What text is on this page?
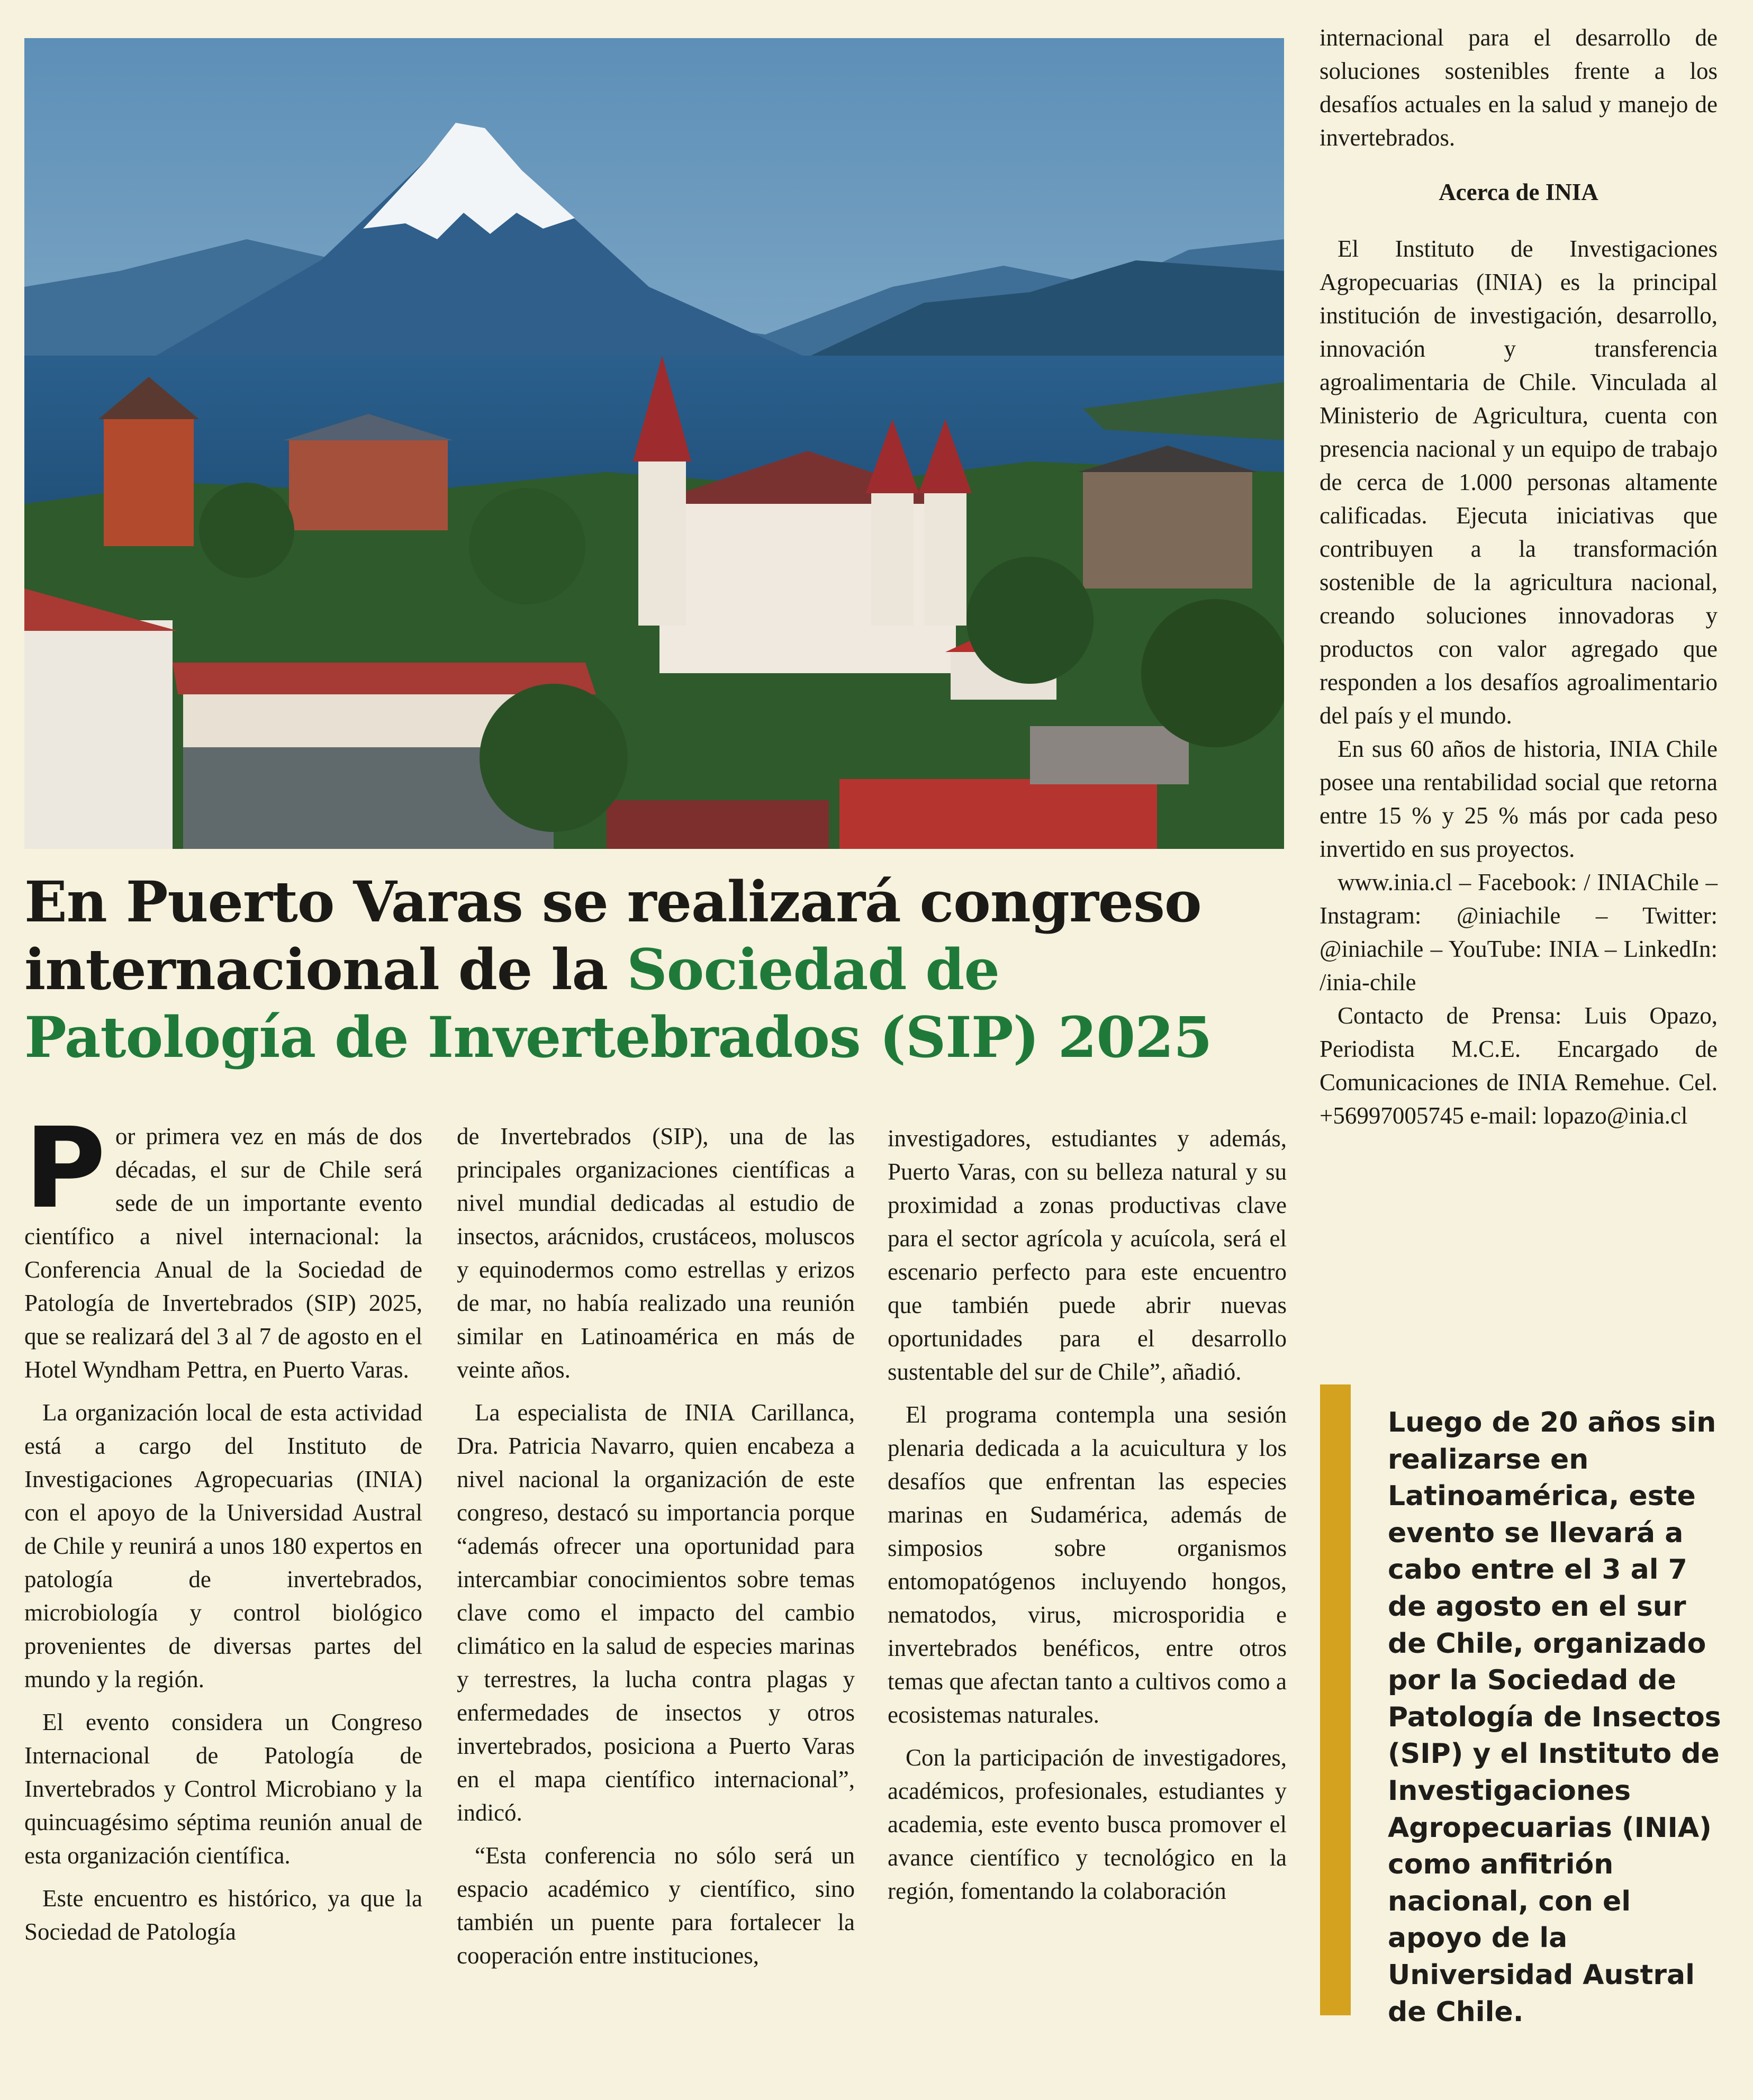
En Puerto Varas se realizará congreso internacional de la Sociedad de Patología de Invertebrados (SIP) 2025
P or primera vez en más de dos décadas, el sur de Chile será sede de un importante evento científico a nivel internacional: la Conferencia Anual de la Sociedad de Patología de Invertebrados (SIP) 2025, que se realizará del 3 al 7 de agosto en el Hotel Wyndham Pettra, en Puerto Varas.

La organización local de esta actividad está a cargo del Instituto de Investigaciones Agropecuarias (INIA) con el apoyo de la Universidad Austral de Chile y reunirá a unos 180 expertos en patología de invertebrados, microbiología y control biológico provenientes de diversas partes del mundo y la región.

El evento considera un Congreso Internacional de Patología de Invertebrados y Control Microbiano y la quincuagésimo séptima reunión anual de esta organización científica.

Este encuentro es histórico, ya que la Sociedad de Patología

de Invertebrados (SIP), una de las principales organizaciones científicas a nivel mundial dedicadas al estudio de insectos, arácnidos, crustáceos, moluscos y equinodermos como estrellas y erizos de mar, no había realizado una reunión similar en Latinoamérica en más de veinte años.

La especialista de INIA Carillanca, Dra. Patricia Navarro, quien encabeza a nivel nacional la organización de este congreso, destacó su importancia porque “además ofrecer una oportunidad para intercambiar conocimientos sobre temas clave como el impacto del cambio climático en la salud de especies marinas y terrestres, la lucha contra plagas y enfermedades de insectos y otros invertebrados, posiciona a Puerto Varas en el mapa científico internacional”, indicó.

“Esta conferencia no sólo será un espacio académico y científico, sino también un puente para fortalecer la cooperación entre instituciones,

investigadores, estudiantes y además, Puerto Varas, con su belleza natural y su proximidad a zonas productivas clave para el sector agrícola y acuícola, será el escenario perfecto para este encuentro que también puede abrir nuevas oportunidades para el desarrollo sustentable del sur de Chile”, añadió.

El programa contempla una sesión plenaria dedicada a la acuicultura y los desafíos que enfrentan las especies marinas en Sudamérica, además de simposios sobre organismos entomopatógenos incluyendo hongos, nematodos, virus, microsporidia e invertebrados benéficos, entre otros temas que afectan tanto a cultivos como a ecosistemas naturales.

Con la participación de investigadores, académicos, profesionales, estudiantes y academia, este evento busca promover el avance científico y tecnológico en la región, fomentando la colaboración

internacional para el desarrollo de soluciones sostenibles frente a los desafíos actuales en la salud y manejo de invertebrados.

Acerca de INIA

El Instituto de Investigaciones Agropecuarias (INIA) es la principal institución de investigación, desarrollo, innovación y transferencia agroalimentaria de Chile. Vinculada al Ministerio de Agricultura, cuenta con presencia nacional y un equipo de trabajo de cerca de 1.000 personas altamente calificadas. Ejecuta iniciativas que contribuyen a la transformación sostenible de la agricultura nacional, creando soluciones innovadoras y productos con valor agregado que responden a los desafíos agroalimentario del país y el mundo.

En sus 60 años de historia, INIA Chile posee una rentabilidad social que retorna entre 15 % y 25 % más por cada peso invertido en sus proyectos.

www.inia.cl – Facebook: / INIAChile – Instagram: @iniachile – Twitter: @iniachile – YouTube: INIA – LinkedIn: /inia-chile

Contacto de Prensa: Luis Opazo, Periodista M.C.E. Encargado de Comunicaciones de INIA Remehue. Cel. +56997005745 e-mail: lopazo@inia.cl

Luego de 20 años sin realizarse en Latinoamérica, este evento se llevará a cabo entre el 3 al 7 de agosto en el sur de Chile, organizado por la Sociedad de Patología de Insectos (SIP) y el Instituto de Investigaciones Agropecuarias (INIA) como anfitrión nacional, con el apoyo de la Universidad Austral de Chile.
